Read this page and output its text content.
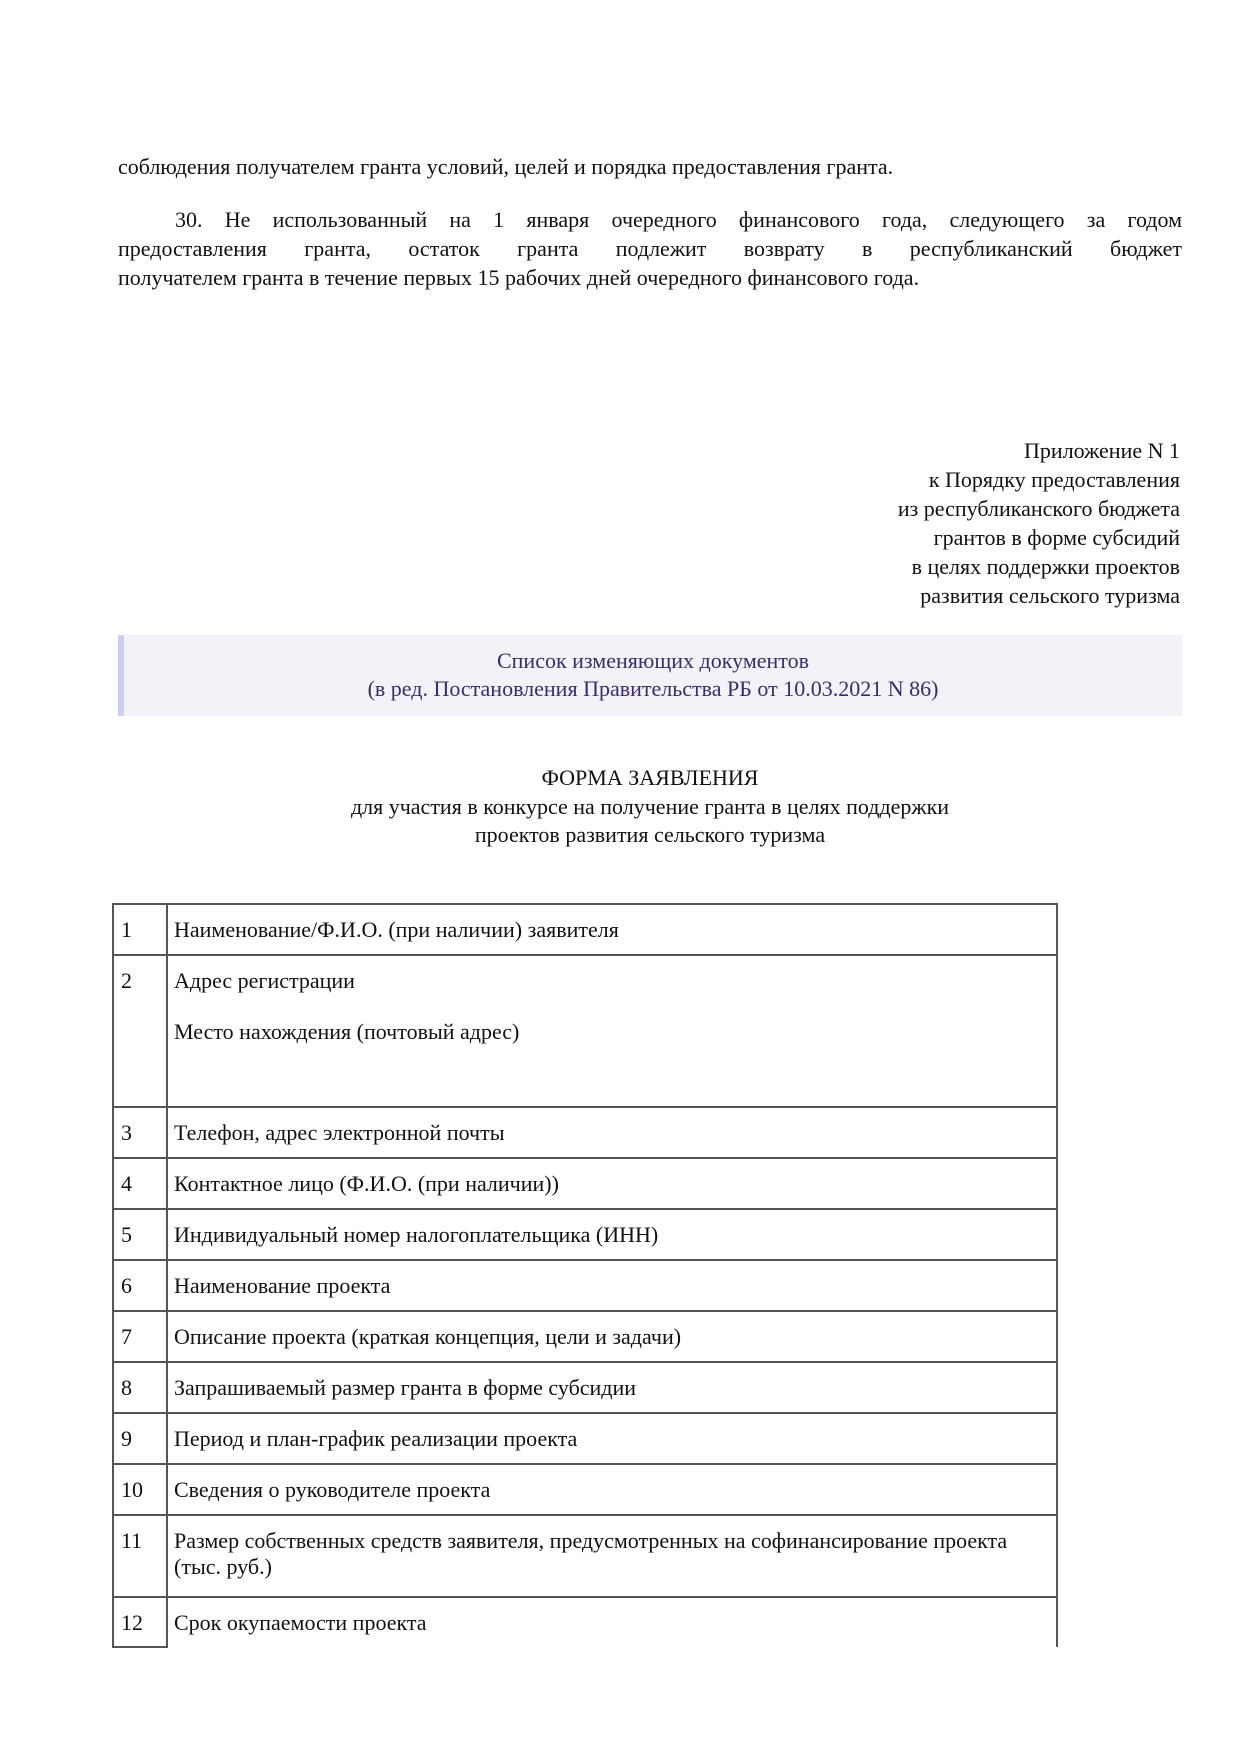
соблюдения получателем гранта условий, целей и порядка предоставления гранта.
30. Не использованный на 1 января очередного финансового года, следующего за годом
предоставления гранта, остаток гранта подлежит возврату в республиканский бюджет
получателем гранта в течение первых 15 рабочих дней очередного финансового года.
Приложение N 1
к Порядку предоставления
из республиканского бюджета
грантов в форме субсидий
в целях поддержки проектов
развития сельского туризма
Список изменяющих документов
(в ред. Постановления Правительства РБ от 10.03.2021 N 86)
ФОРМА ЗАЯВЛЕНИЯ
для участия в конкурсе на получение гранта в целях поддержки
проектов развития сельского туризма
1	Наименование/Ф.И.О. (при наличии) заявителя
2	Адрес регистрации
Место нахождения (почтовый адрес)

3	Телефон, адрес электронной почты
4	Контактное лицо (Ф.И.О. (при наличии))
5	Индивидуальный номер налогоплательщика (ИНН)
6	Наименование проекта
7	Описание проекта (краткая концепция, цели и задачи)
8	Запрашиваемый размер гранта в форме субсидии
9	Период и план-график реализации проекта
10	Сведения о руководителе проекта
11	Размер собственных средств заявителя, предусмотренных на софинансирование проекта (тыс. руб.)
12	Срок окупаемости проекта
